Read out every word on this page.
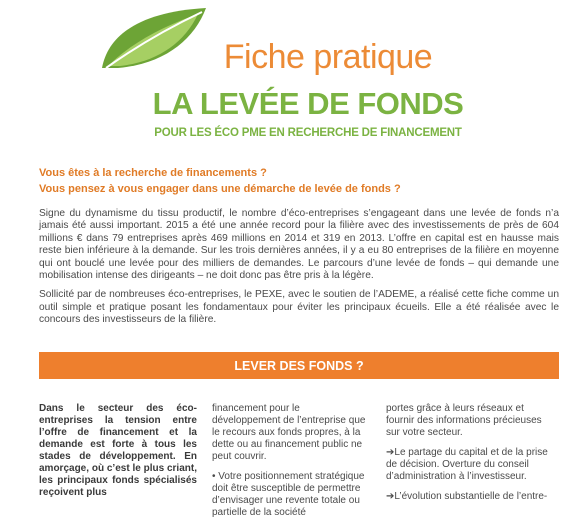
Fiche pratique
LA LEVÉE DE FONDS
POUR LES ÉCO PME EN RECHERCHE DE FINANCEMENT
Vous êtes à la recherche de financements ?
Vous pensez à vous engager dans une démarche de levée de fonds ?

Signe du dynamisme du tissu productif, le nombre d’éco-entreprises s’engageant dans une levée de fonds n’a jamais été aussi important. 2015 a été une année record pour la filière avec des investissements de près de 604 millions € dans 79 entreprises après 469 millions en 2014 et 319 en 2013. L’offre en capital est en hausse mais reste bien inférieure à la demande. Sur les trois dernières années, il y a eu 80 entreprises de la filière en moyenne qui ont bouclé une levée pour des milliers de demandes. Le parcours d’une levée de fonds – qui demande une mobilisation intense des dirigeants – ne doit donc pas être pris à la légère.

Sollicité par de nombreuses éco-entreprises, le PEXE, avec le soutien de l’ADEME, a réalisé cette fiche comme un outil simple et pratique posant les fondamentaux pour éviter les principaux écueils. Elle a été réalisée avec le concours des investisseurs de la filière.

LEVER DES FONDS ?

Dans le secteur des éco-entreprises la tension entre l’offre de financement et la demande est forte à tous les stades de développement. En amorçage, où c’est le plus criant, les principaux fonds spécialisés reçoivent plus

financement pour le développement de l’entreprise que le recours aux fonds propres, à la dette ou au financement public ne peut couvrir.

• Votre positionnement stratégique doit être susceptible de permettre d’envisager une revente totale ou partielle de la société

portes grâce à leurs réseaux et fournir des informations précieuses sur votre secteur.

➔Le partage du capital et de la prise de décision. Overture du conseil d’administration à l’investisseur.

➔L’évolution substantielle de l’entre-
